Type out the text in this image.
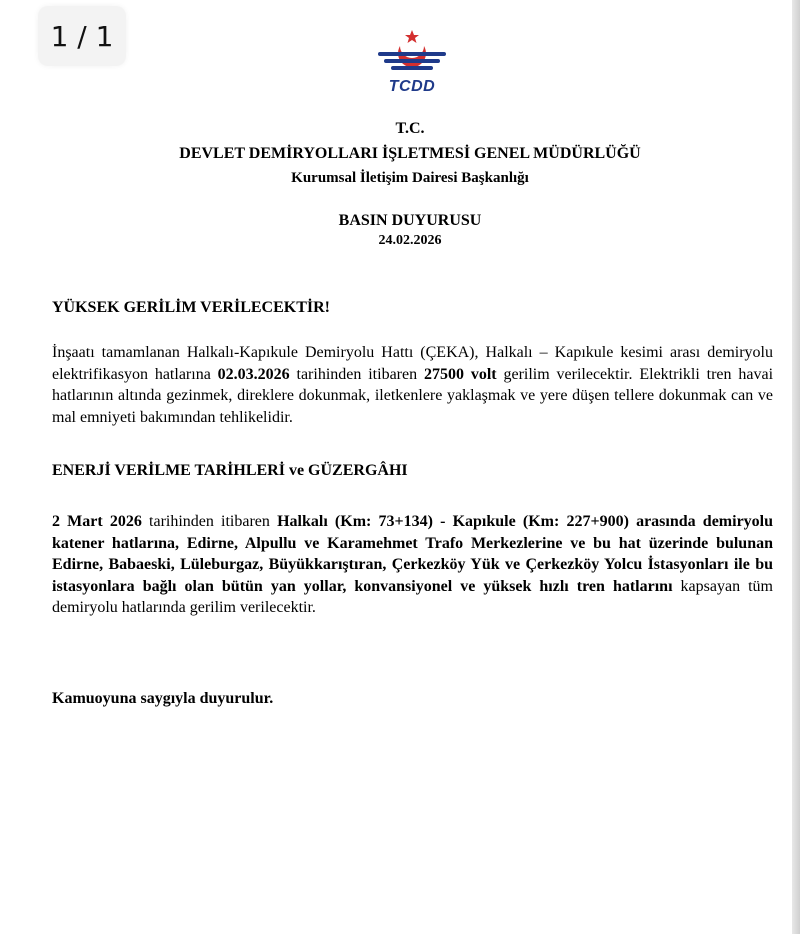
1 / 1
TCDD
T.C.
DEVLET DEMİRYOLLARI İŞLETMESİ GENEL MÜDÜRLÜĞÜ
Kurumsal İletişim Dairesi Başkanlığı
BASIN DUYURUSU
24.02.2026
YÜKSEK GERİLİM VERİLECEKTİR!
İnşaatı tamamlanan Halkalı-Kapıkule Demiryolu Hattı (ÇEKA), Halkalı – Kapıkule kesimi arası demiryolu elektrifikasyon hatlarına 02.03.2026 tarihinden itibaren 27500 volt gerilim verilecektir. Elektrikli tren havai hatlarının altında gezinmek, direklere dokunmak, iletkenlere yaklaşmak ve yere düşen tellere dokunmak can ve mal emniyeti bakımından tehlikelidir.
ENERJİ VERİLME TARİHLERİ ve GÜZERGÂHI
2 Mart 2026 tarihinden itibaren Halkalı (Km: 73+134) - Kapıkule (Km: 227+900) arasında demiryolu katener hatlarına, Edirne, Alpullu ve Karamehmet Trafo Merkezlerine ve bu hat üzerinde bulunan Edirne, Babaeski, Lüleburgaz, Büyükkarıştıran, Çerkezköy Yük ve Çerkezköy Yolcu İstasyonları ile bu istasyonlara bağlı olan bütün yan yollar, konvansiyonel ve yüksek hızlı tren hatlarını kapsayan tüm demiryolu hatlarında gerilim verilecektir.
Kamuoyuna saygıyla duyurulur.
